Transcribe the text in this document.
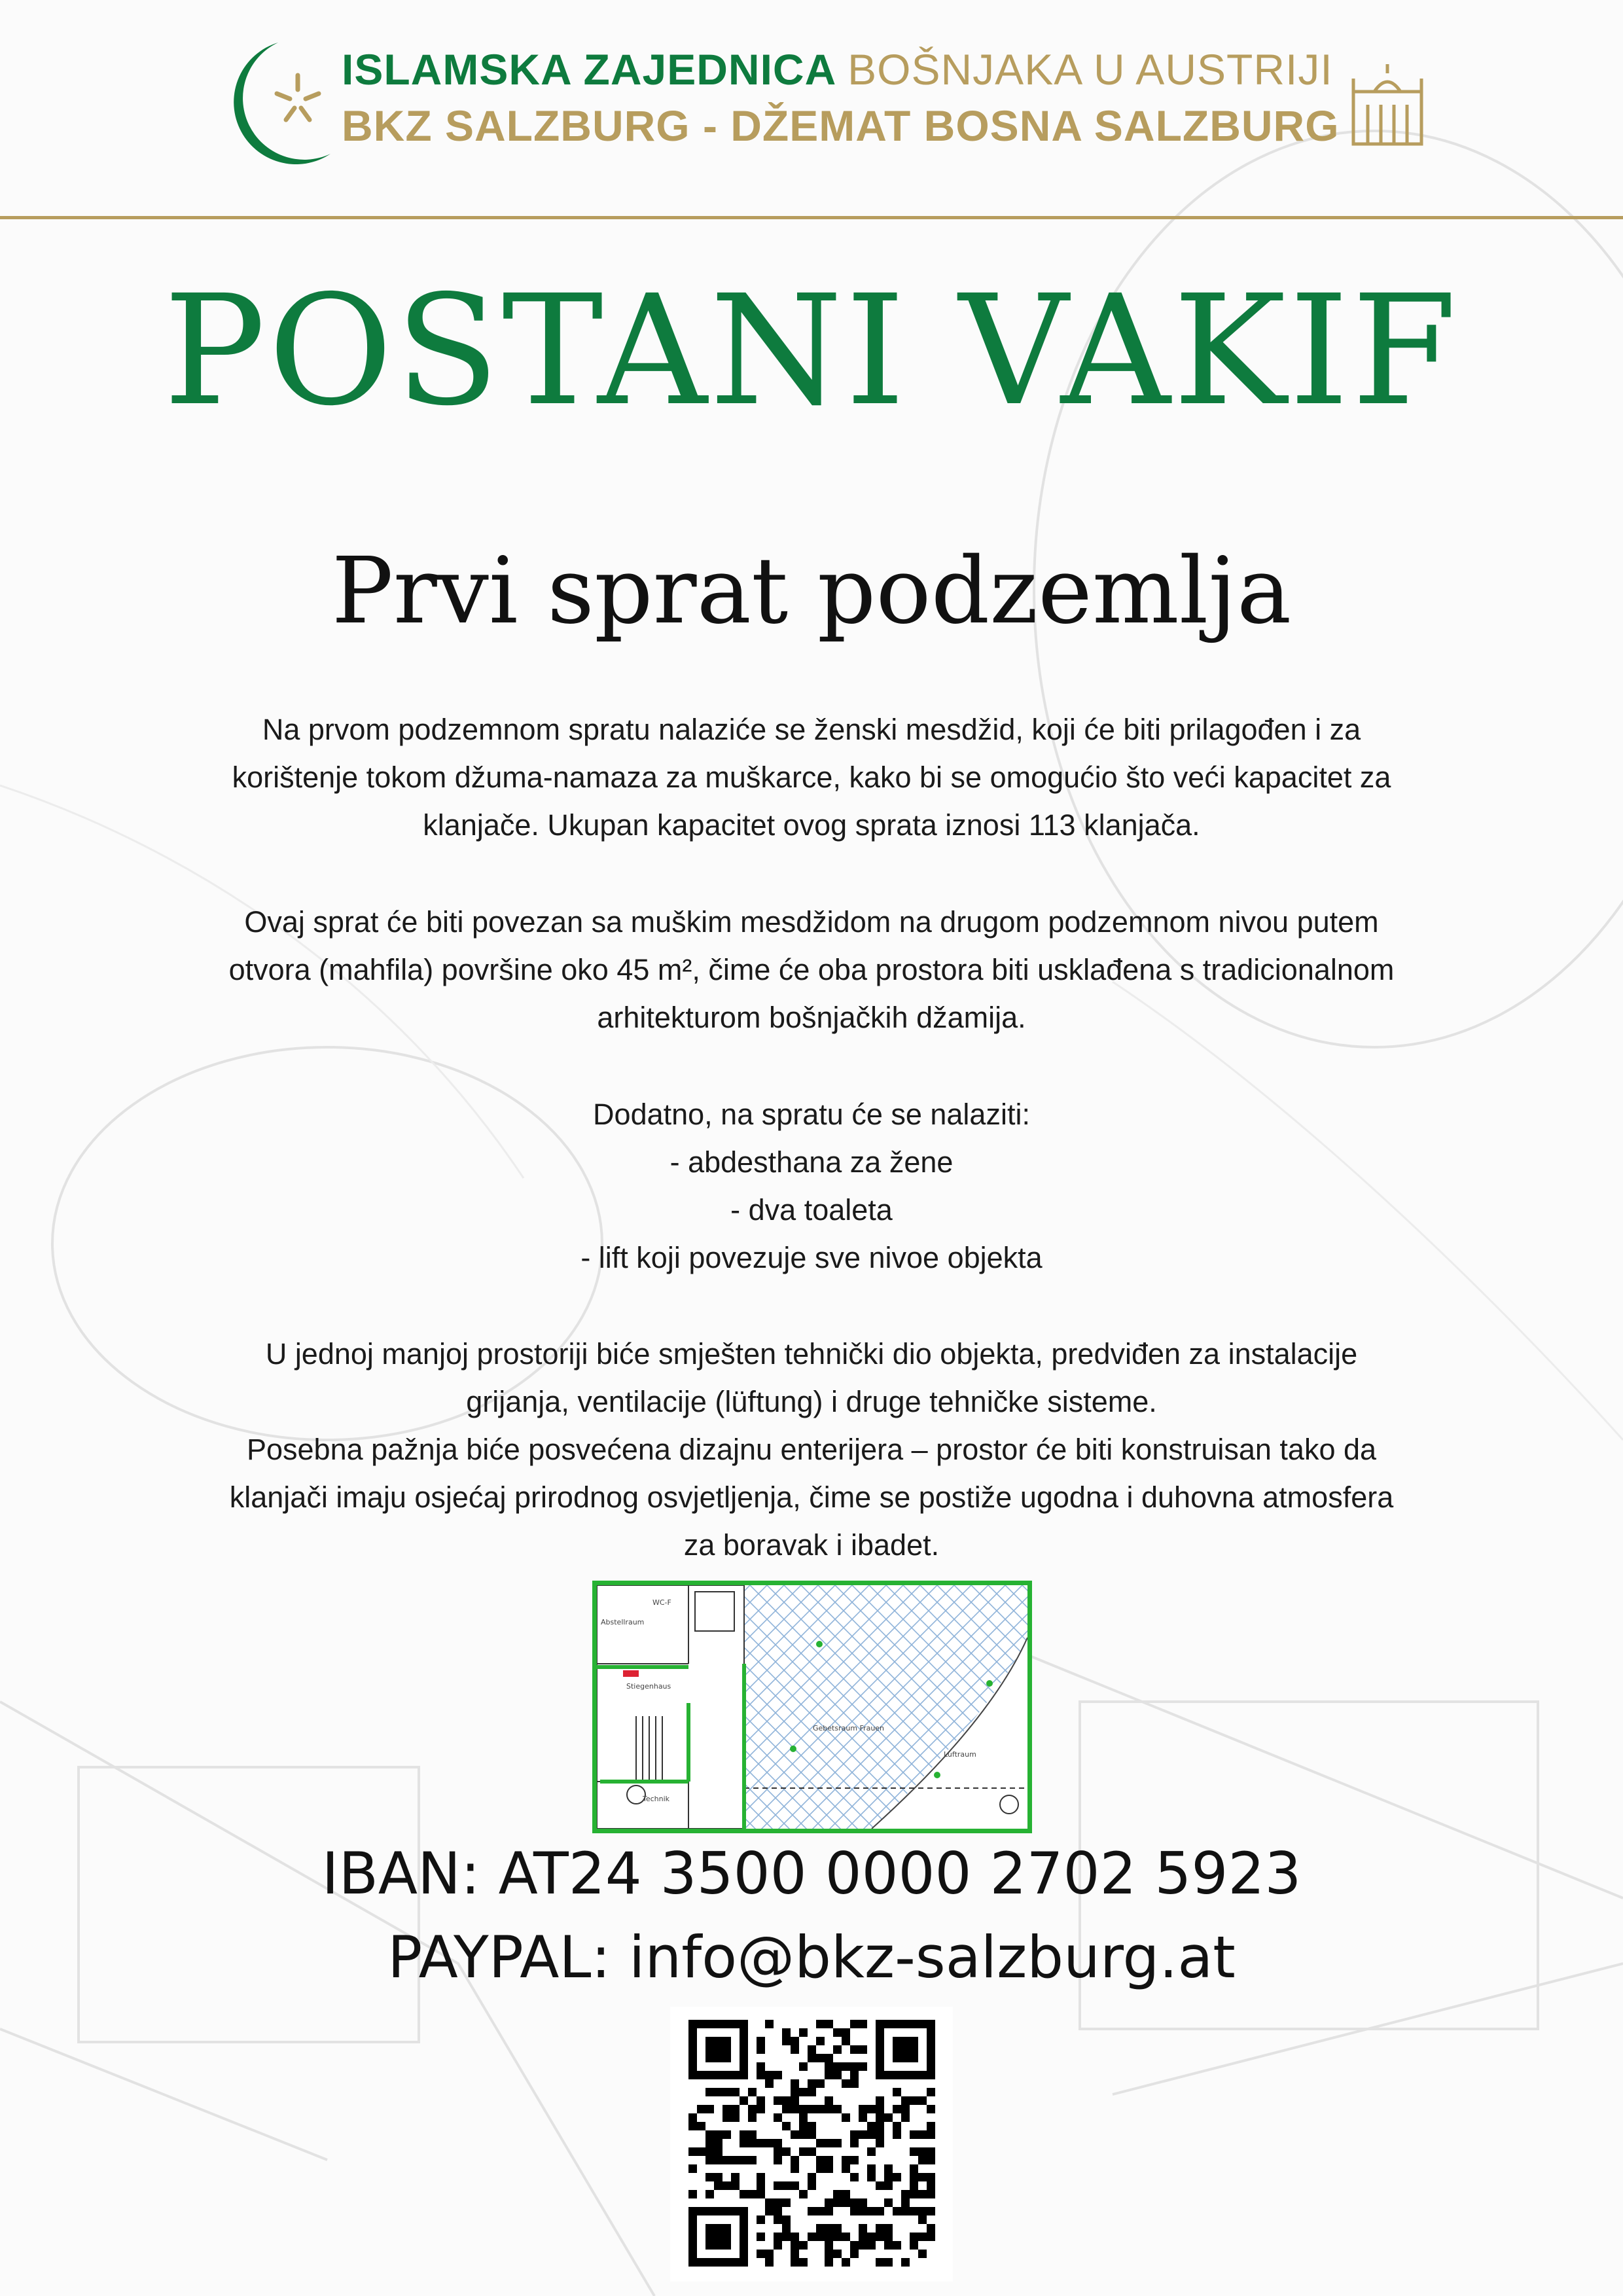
ISLAMSKA ZAJEDNICA BOŠNJAKA U AUSTRIJI
BKZ SALZBURG - DŽEMAT BOSNA SALZBURG
POSTANI VAKIF
Prvi sprat podzemlja
Na prvom podzemnom spratu nalaziće se ženski mesdžid, koji će biti prilagođen i za
korištenje tokom džuma-namaza za muškarce, kako bi se omogućio što veći kapacitet za
klanjače. Ukupan kapacitet ovog sprata iznosi 113 klanjača.
Ovaj sprat će biti povezan sa muškim mesdžidom na drugom podzemnom nivou putem
otvora (mahfila) površine oko 45 m², čime će oba prostora biti usklađena s tradicionalnom
arhitekturom bošnjačkih džamija.
Dodatno, na spratu će se nalaziti:
- abdesthana za žene
- dva toaleta
- lift koji povezuje sve nivoe objekta
U jednoj manjoj prostoriji biće smješten tehnički dio objekta, predviđen za instalacije
grijanja, ventilacije (lüftung) i druge tehničke sisteme.
Posebna pažnja biće posvećena dizajnu enterijera – prostor će biti konstruisan tako da
klanjači imaju osjećaj prirodnog osvjetljenja, čime se postiže ugodna i duhovna atmosfera
za boravak i ibadet.
WC-F
Abstellraum
Stiegenhaus
Gebetsraum Frauen
Luftraum
Technik
IBAN: AT24 3500 0000 2702 5923
PAYPAL: info@bkz-salzburg.at
